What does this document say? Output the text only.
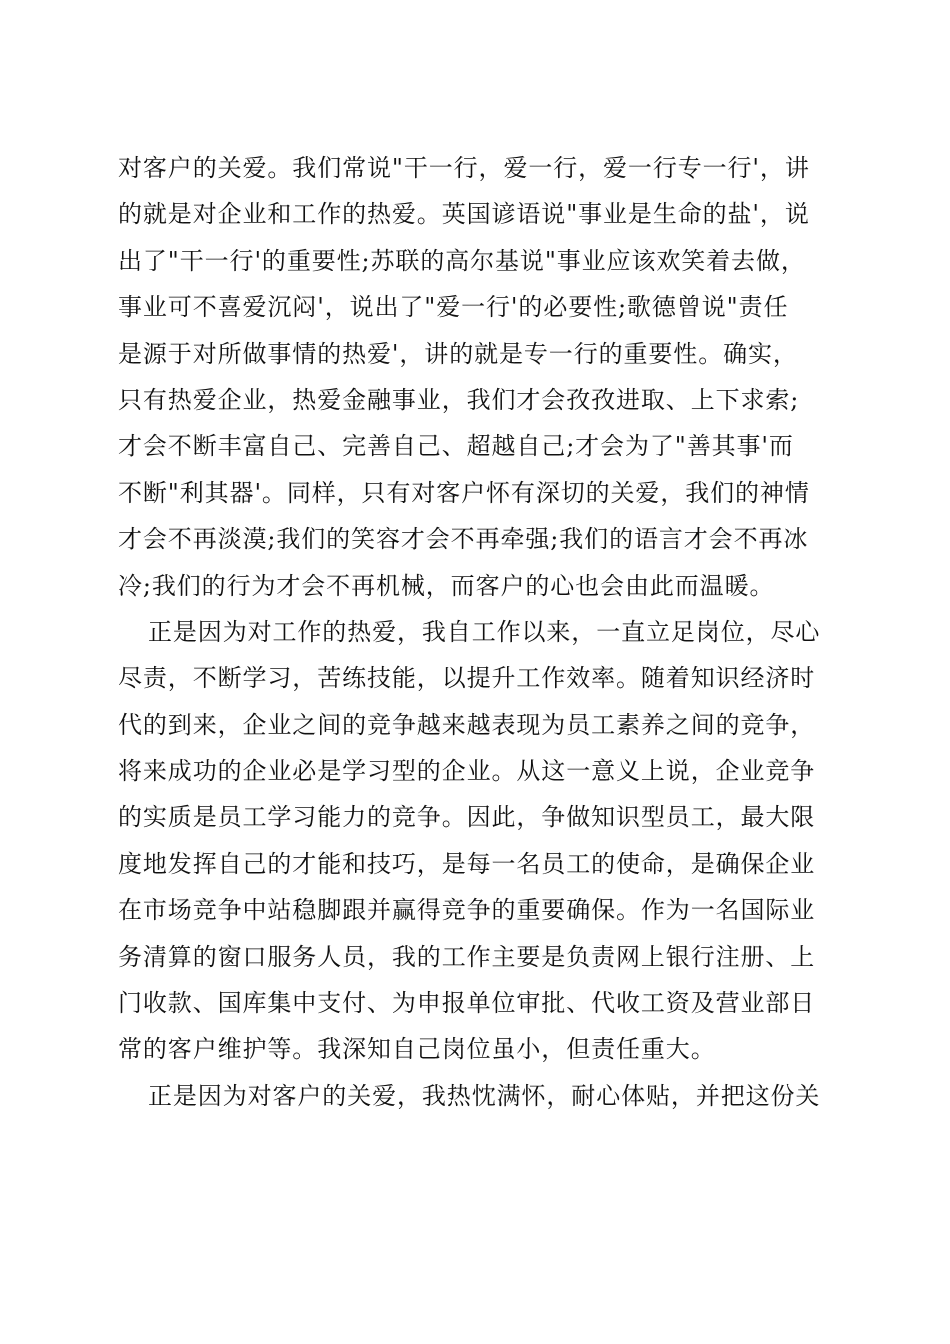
对客户的关爱。我们常说"干一行，爱一行，爱一行专一行'，讲
的就是对企业和工作的热爱。英国谚语说"事业是生命的盐'，说
出了"干一行'的重要性;苏联的高尔基说"事业应该欢笑着去做，
事业可不喜爱沉闷'，说出了"爱一行'的必要性;歌德曾说"责任
是源于对所做事情的热爱'，讲的就是专一行的重要性。确实，
只有热爱企业，热爱金融事业，我们才会孜孜进取、上下求索;
才会不断丰富自己、完善自己、超越自己;才会为了"善其事'而
不断"利其器'。同样，只有对客户怀有深切的关爱，我们的神情
才会不再淡漠;我们的笑容才会不再牵强;我们的语言才会不再冰
冷;我们的行为才会不再机械，而客户的心也会由此而温暖。
正是因为对工作的热爱，我自工作以来，一直立足岗位，尽心
尽责，不断学习，苦练技能，以提升工作效率。随着知识经济时
代的到来，企业之间的竞争越来越表现为员工素养之间的竞争，
将来成功的企业必是学习型的企业。从这一意义上说，企业竞争
的实质是员工学习能力的竞争。因此，争做知识型员工，最大限
度地发挥自己的才能和技巧，是每一名员工的使命，是确保企业
在市场竞争中站稳脚跟并赢得竞争的重要确保。作为一名国际业
务清算的窗口服务人员，我的工作主要是负责网上银行注册、上
门收款、国库集中支付、为申报单位审批、代收工资及营业部日
常的客户维护等。我深知自己岗位虽小，但责任重大。
正是因为对客户的关爱，我热忱满怀，耐心体贴，并把这份关
